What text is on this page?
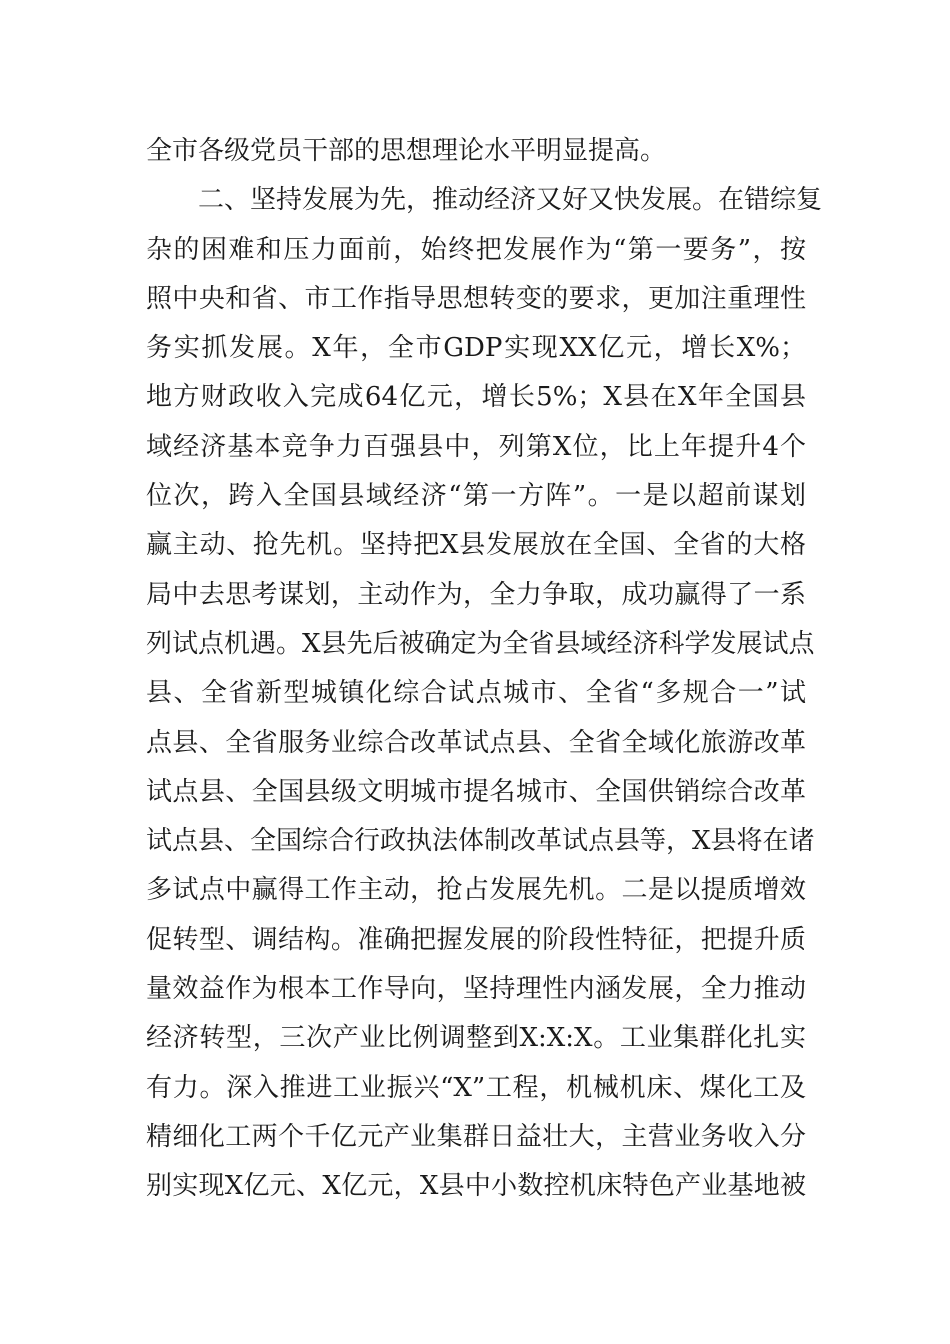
全市各级党员干部的思想理论水平明显提高。
二、坚持发展为先，推动经济又好又快发展。在错综复
杂的困难和压力面前，始终把发展作为“第一要务”，按
照中央和省、市工作指导思想转变的要求，更加注重理性
务实抓发展。X年，全市GDP实现XX亿元，增长X%；
地方财政收入完成64亿元，增长5%；X县在X年全国县
域经济基本竞争力百强县中，列第X位，比上年提升4个
位次，跨入全国县域经济“第一方阵”。一是以超前谋划
赢主动、抢先机。坚持把X县发展放在全国、全省的大格
局中去思考谋划，主动作为，全力争取，成功赢得了一系
列试点机遇。X县先后被确定为全省县域经济科学发展试点
县、全省新型城镇化综合试点城市、全省“多规合一”试
点县、全省服务业综合改革试点县、全省全域化旅游改革
试点县、全国县级文明城市提名城市、全国供销综合改革
试点县、全国综合行政执法体制改革试点县等，X县将在诸
多试点中赢得工作主动，抢占发展先机。二是以提质增效
促转型、调结构。准确把握发展的阶段性特征，把提升质
量效益作为根本工作导向，坚持理性内涵发展，全力推动
经济转型，三次产业比例调整到X:X:X。工业集群化扎实
有力。深入推进工业振兴“X”工程，机械机床、煤化工及
精细化工两个千亿元产业集群日益壮大，主营业务收入分
别实现X亿元、X亿元，X县中小数控机床特色产业基地被
